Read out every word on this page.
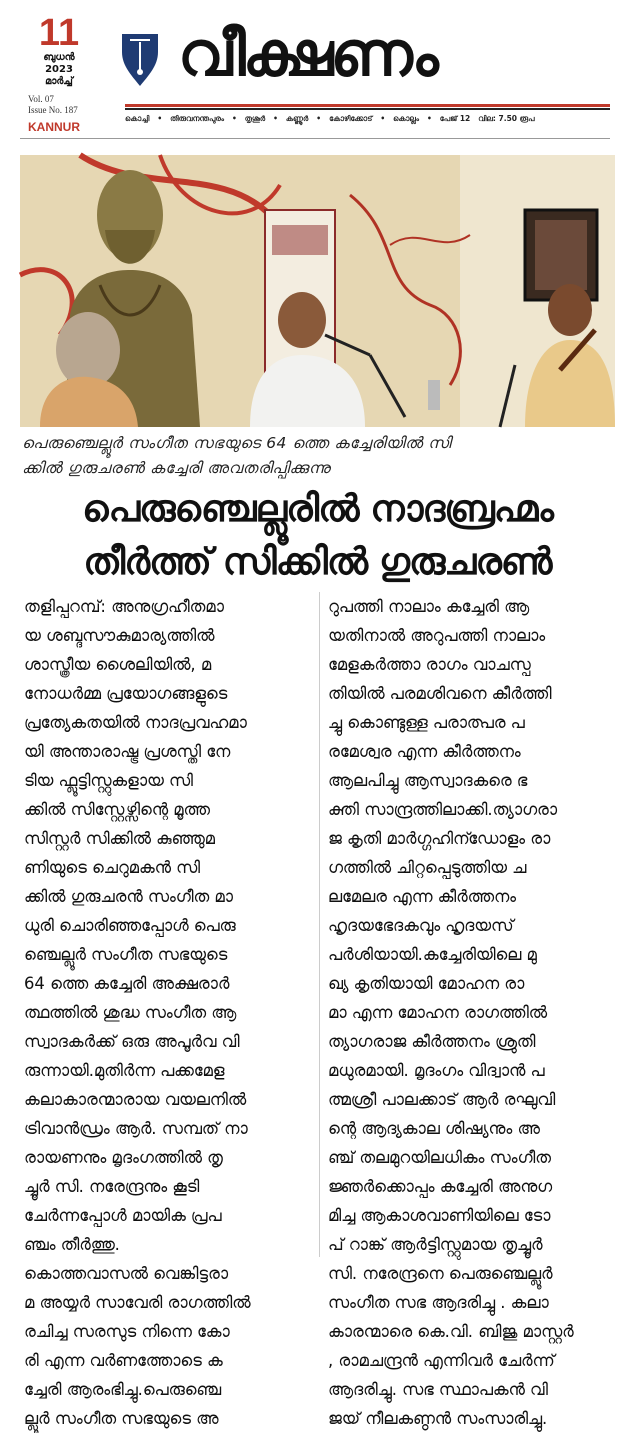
11
ബുധൻ
2023
മാർച്ച്
Vol. 07
Issue No. 187
KANNUR
വീക്ഷണം
കൊച്ചി • തിരുവനന്തപുരം • തൃശൂർ • കണ്ണൂർ • കോഴിക്കോട് • കൊല്ലം • പേജ് 12 വില: 7.50 രൂപ
പെരുഞ്ചെല്ലൂർ സംഗീത സഭയുടെ 64 ത്തെ കച്ചേരിയിൽ സി
ക്കിൽ ഗുരുചരൺ കച്ചേരി അവതരിപ്പിക്കുന്നു
പെരുഞ്ചെല്ലൂരിൽ നാദബ്രഹ്മം
തീർത്ത് സിക്കിൽ ഗുരുചരൺ
തളിപ്പറമ്പ്: അനുഗ്രഹീതമാ
യ ശബ്ദസൗകുമാര്യത്തിൽ
ശാസ്ത്രീയ ശൈലിയിൽ, മ
നോധർമ്മ പ്രയോഗങ്ങളുടെ
പ്രത്യേകതയിൽ നാദപ്രവഹമാ
യി അന്താരാഷ്ട്ര പ്രശസ്തി നേ
ടിയ ഫ്ലൂട്ടിസ്റ്റുകളായ സി
ക്കിൽ സിസ്റ്റേഴ്സിന്റെ മൂത്ത
സിസ്റ്റർ സിക്കിൽ കുഞ്ഞുമ
ണിയുടെ ചെറുമകൻ സി
ക്കിൽ ഗുരുചരൻ സംഗീത മാ
ധുരി ചൊരിഞ്ഞപ്പോൾ പെരു
ഞ്ചെല്ലൂർ സംഗീത സഭയുടെ
64 ത്തെ കച്ചേരി അക്ഷരാർ
ത്ഥത്തിൽ ശുദ്ധ സംഗീത ആ
സ്വാദകർക്ക് ഒരു അപൂർവ വി
രുന്നായി.മുതിർന്ന പക്കമേള
കലാകാരന്മാരായ വയലനിൽ
ട്രിവാൻഡ്രം ആർ. സമ്പത് നാ
രായണനും മൃദംഗത്തിൽ തൃ
ച്ചൂർ സി. നരേന്ദ്രനും കൂടി
ചേർന്നപ്പോൾ മായിക പ്രപ
ഞ്ചം തീർത്തു.
കൊത്തവാസൽ വെങ്കിട്ടരാ
മ അയ്യർ സാവേരി രാഗത്തിൽ
രചിച്ച സരസുട നിന്നെ കോ
രി എന്ന വർണത്തോടെ ക
ച്ചേരി ആരംഭിച്ചു.പെരുഞ്ചെ
ല്ലൂർ സംഗീത സഭയുടെ അ
റുപത്തി നാലാം കച്ചേരി ആ
യതിനാൽ അറുപത്തി നാലാം
മേളകർത്താ രാഗം വാചസ്പ
തിയിൽ പരമശിവനെ കീർത്തി
ച്ചു കൊണ്ടുള്ള പരാത്പര പ
രമേശ്വര എന്ന കീർത്തനം
ആലപിച്ചു ആസ്വാദകരെ ഭ
ക്തി സാന്ദ്രത്തിലാക്കി.ത്യാഗരാ
ജ കൃതി മാർഗ്ഗഹിന്ഡോളം രാ
ഗത്തിൽ ചിറ്റപ്പെടുത്തിയ ച
ലമേലര എന്ന കീർത്തനം
ഹൃദയഭേദകവും ഹൃദയസ്
പർശിയായി.കച്ചേരിയിലെ മു
ഖ്യ കൃതിയായി മോഹന രാ
മാ എന്ന മോഹന രാഗത്തിൽ
ത്യാഗരാജ കീർത്തനം ശ്രുതി
മധുരമായി. മൃദംഗം വിദ്വാൻ പ
ത്മശ്രീ പാലക്കാട് ആർ രഘുവി
ന്റെ ആദ്യകാല ശിഷ്യനും അ
ഞ്ച് തലമുറയിലധികം സംഗീത
ജ്ഞർക്കൊപ്പം കച്ചേരി അനുഗ
മിച്ച ആകാശവാണിയിലെ ടോ
പ് റാങ്ക് ആർട്ടിസ്റ്റുമായ തൃച്ചൂർ
സി. നരേന്ദ്രനെ പെരുഞ്ചെല്ലൂർ
സംഗീത സഭ ആദരിച്ചു . കലാ
കാരന്മാരെ കെ.വി. ബിജു മാസ്റ്റർ
, രാമചന്ദ്രൻ എന്നിവർ ചേർന്ന്
ആദരിച്ചു. സഭ സ്ഥാപകൻ വി
ജയ് നീലകണ്ഠൻ സംസാരിച്ചു.
